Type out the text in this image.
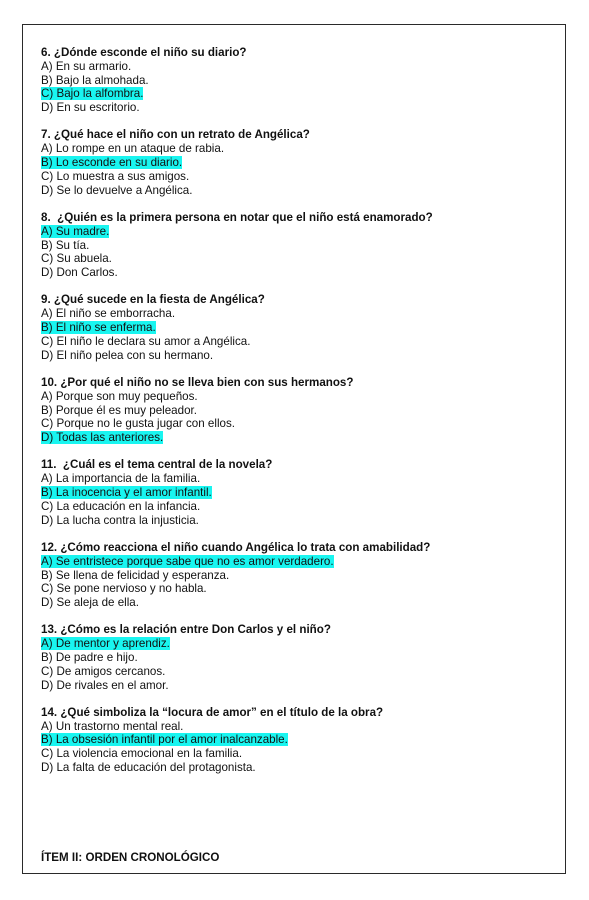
6. ¿Dónde esconde el niño su diario?
A) En su armario.
B) Bajo la almohada.
C) Bajo la alfombra.
D) En su escritorio.
7. ¿Qué hace el niño con un retrato de Angélica?
A) Lo rompe en un ataque de rabia.
B) Lo esconde en su diario.
C) Lo muestra a sus amigos.
D) Se lo devuelve a Angélica.
8.  ¿Quién es la primera persona en notar que el niño está enamorado?
A) Su madre.
B) Su tía.
C) Su abuela.
D) Don Carlos.
9. ¿Qué sucede en la fiesta de Angélica?
A) El niño se emborracha.
B) El niño se enferma.
C) El niño le declara su amor a Angélica.
D) El niño pelea con su hermano.
10. ¿Por qué el niño no se lleva bien con sus hermanos?
A) Porque son muy pequeños.
B) Porque él es muy peleador.
C) Porque no le gusta jugar con ellos.
D) Todas las anteriores.
11.  ¿Cuál es el tema central de la novela?
A) La importancia de la familia.
B) La inocencia y el amor infantil.
C) La educación en la infancia.
D) La lucha contra la injusticia.
12. ¿Cómo reacciona el niño cuando Angélica lo trata con amabilidad?
A) Se entristece porque sabe que no es amor verdadero.
B) Se llena de felicidad y esperanza.
C) Se pone nervioso y no habla.
D) Se aleja de ella.
13. ¿Cómo es la relación entre Don Carlos y el niño?
A) De mentor y aprendiz.
B) De padre e hijo.
C) De amigos cercanos.
D) De rivales en el amor.
14. ¿Qué simboliza la “locura de amor” en el título de la obra?
A) Un trastorno mental real.
B) La obsesión infantil por el amor inalcanzable.
C) La violencia emocional en la familia.
D) La falta de educación del protagonista.
ÍTEM II: ORDEN CRONOLÓGICO
